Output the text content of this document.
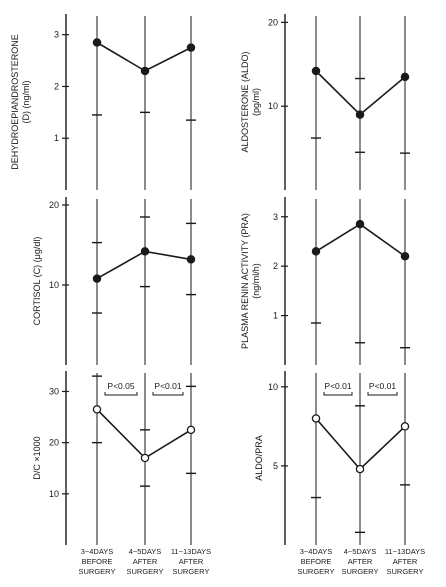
1
2
3
DEHYDROEPIANDROSTERONE(D) (ng/ml)
10
20
CORTISOL (C) (μg/dl)
10
20
30
D/C ×1000
P<0.05 P<0.01
3~4DAYS BEFORE SURGERY
4~5DAYS AFTER SURGERY
11~13DAYS AFTER SURGERY
10
20
ALDOSTERONE (ALDO)(pg/ml)
1
2
3
PLASMA RENIN ACTIVITY (PRA)(ng/ml/h)
5
10
ALDO/PRA
P<0.01 P<0.01
3~4DAYS BEFORE SURGERY
4~5DAYS AFTER SURGERY
11~13DAYS AFTER SURGERY
